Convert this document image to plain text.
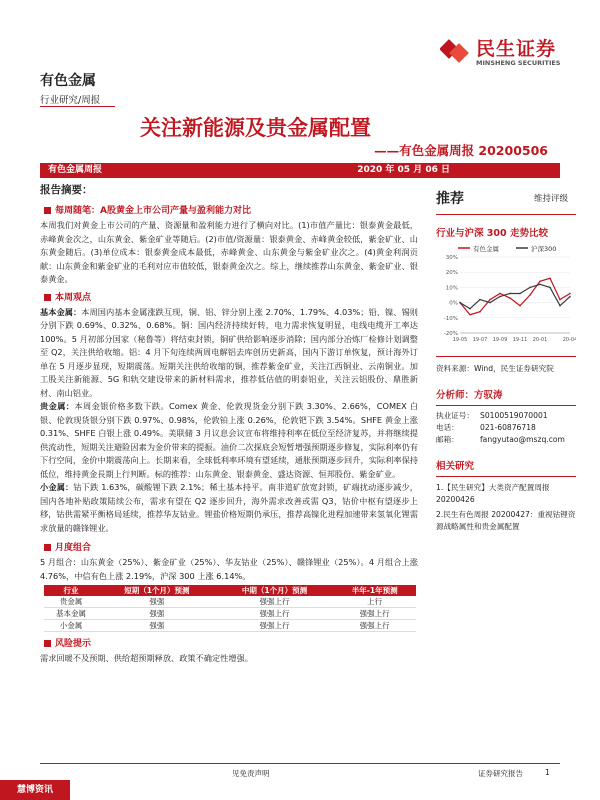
有色金属
行业研究/周报
民生证券
MINSHENG SECURITIES
关注新能源及贵金属配置
——有色金属周报 20200506
有色金属周报	2020 年 05 月 06 日
报告摘要：
每周随笔：A股黄金上市公司产量与盈利能力对比
本周我们对黄金上市公司的产量、资源量和盈利能力进行了横向对比。(1)市值产量比：银泰黄金最低，赤峰黄金次之，山东黄金、紫金矿业等随后。(2)市值/资源量：银泰黄金、赤峰黄金较低，紫金矿业、山东黄金随后。(3)单位成本：银泰黄金成本最低，赤峰黄金、山东黄金与紫金矿业次之。(4)黄金利润贡献：山东黄金和紫金矿业的毛利对应市值较低，银泰黄金次之。综上，继续推荐山东黄金、紫金矿业、银泰黄金。
本周观点
基本金属：本周国内基本金属涨跌互现，铜、铝、锌分别上涨 2.70%、1.79%、4.03%；铅、镍、锡则分别下跌 0.69%、0.32%、0.68%。铜：国内经济持续好转，电力需求恢复明显，电线电缆开工率达 100%。5 月初部分国家（秘鲁等）将结束封锁，铜矿供给影响逐步消除；国内部分冶炼厂检修计划调整至 Q2，关注供给收缩。铝：4 月下旬连续两周电解铝去库创历史新高，国内下游订单恢复，预计海外订单在 5 月逐步显现，短期震荡。短期关注供给收缩的铜，推荐紫金矿业，关注江西铜业、云南铜业。加工股关注新能源、5G 和轨交建设带来的新材料需求，推荐低估值的明泰铝业，关注云铝股份、鼎胜新材、南山铝业。
贵金属：本周金银价格多数下跌。Comex 黄金、伦敦现货金分别下跌 3.30%、2.66%，COMEX 白银、伦敦现货银分别下跌 0.97%、0.98%，伦敦铂上涨 0.26%，伦敦钯下跌 3.54%。SHFE 黄金上涨 0.31%、SHFE 白银上涨 0.49%。美联储 3 月议息会议宣布将维持利率在低位至经济复苏，并将继续提供流动性，短期关注避险因素为金价带来的提振。油价二次探底会短暂增强预期逐步修复，实际利率仍有下行空间，金价中期震荡向上。长期来看，全球低利率环境有望延续，通胀预期逐步回升，实际利率保持低位，维持黄金長期上行判断。标的推荐：山东黄金、银泰黄金、盛达资源、恒邦股份、紫金矿业。
小金属：钴下跌 1.63%，碳酸锂下跌 2.1%；稀土基本持平。南非道矿放宽封锁，矿端扰动逐步减少，国内各地补贴政策陆续公布，需求有望在 Q2 逐步回升，海外需求改善或需 Q3，钴价中枢有望逐步上移，钴供需紧平衡格局延续，推荐华友钴业。锂盐价格短期仍承压，推荐高镍化进程加速带来氢氧化锂需求放量的赣锋锂业。
月度组合
5 月组合：山东黄金（25%）、紫金矿业（25%）、华友钴业（25%）、赣锋锂业（25%）。4 月组合上涨 4.76%，中信有色上涨 2.19%，沪深 300 上涨 6.14%。
行业	短期（1个月）预测	中期（1个月）预测	半年-1年预测
贵金属	强强	强强上行	上行
基本金属	强强	强强上行	强强上行
小金属	强强	强强上行	强强上行
风险提示
需求回暖不及预期、供给超预期释放、政策不确定性增强。
推荐	维持评级
行业与沪深 300 走势比较
有色金属	沪深300
30%
20%
10%
0%
-10%
-20%
19-05 19-07 19-09 19-11 20-01	20-04
资料来源：Wind，民生证券研究院
分析师：方驭涛
执业证号： S0100519070001
电话：	021-60876718
邮箱：	fangyutao@mszq.com
相关研究
1.【民生研究】大类资产配置周报20200426
2.民生有色周报 20200427：重视钴锂资源战略属性和贵金属配置
慧博资讯
见免责声明	证券研究报告	1
